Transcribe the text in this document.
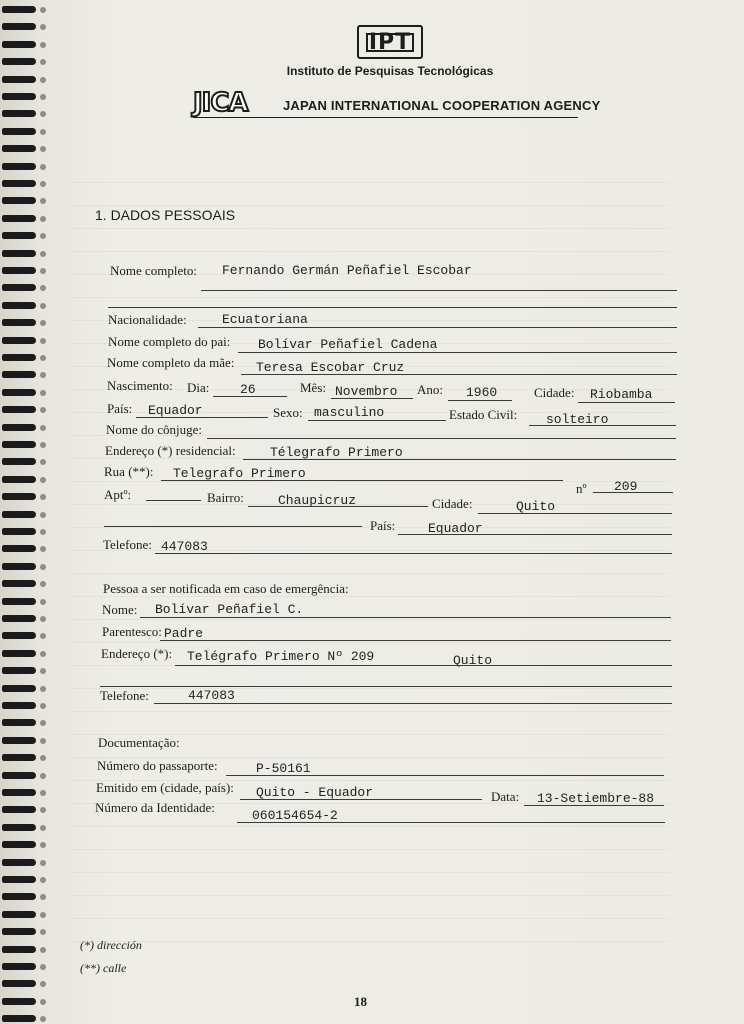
IPT
Instituto de Pesquisas Tecnológicas
JICA	JAPAN INTERNATIONAL COOPERATION AGENCY
1. DADOS PESSOAIS
Nome completo: Fernando Germán Peñafiel Escobar
Nacionalidade:	Ecuatoriana
Nome completo do pai: Bolívar Peñafiel Cadena
Nome completo da mãe: Teresa Escobar Cruz
Nascimento: Dia: 26	Mês: Novembro Ano: 1960	Cidade: Riobamba
País: Equador	Sexo: masculino	Estado Civil: solteiro
Nome do cônjuge:
Endereço (*) residencial:	Télegrafo Primero
Rua (**): Telegrafo Primero
nº 209
Aptº:	Bairro:	Chaupicruz	Cidade:	Quito
País:	Equador
Telefone: 447083
Pessoa a ser notificada em caso de emergência:
Nome: Bolívar Peñafiel C.
Parentesco: Padre
Endereço (*): Telégrafo Primero Nº 209	Quito
Telefone:	447083
Documentação:
Número do passaporte:	P-50161
Emitido em (cidade, país): Quito - Equador	Data: 13-Setiembre-88
Número da Identidade:
060154654-2
(*) dirección
(**) calle
18
